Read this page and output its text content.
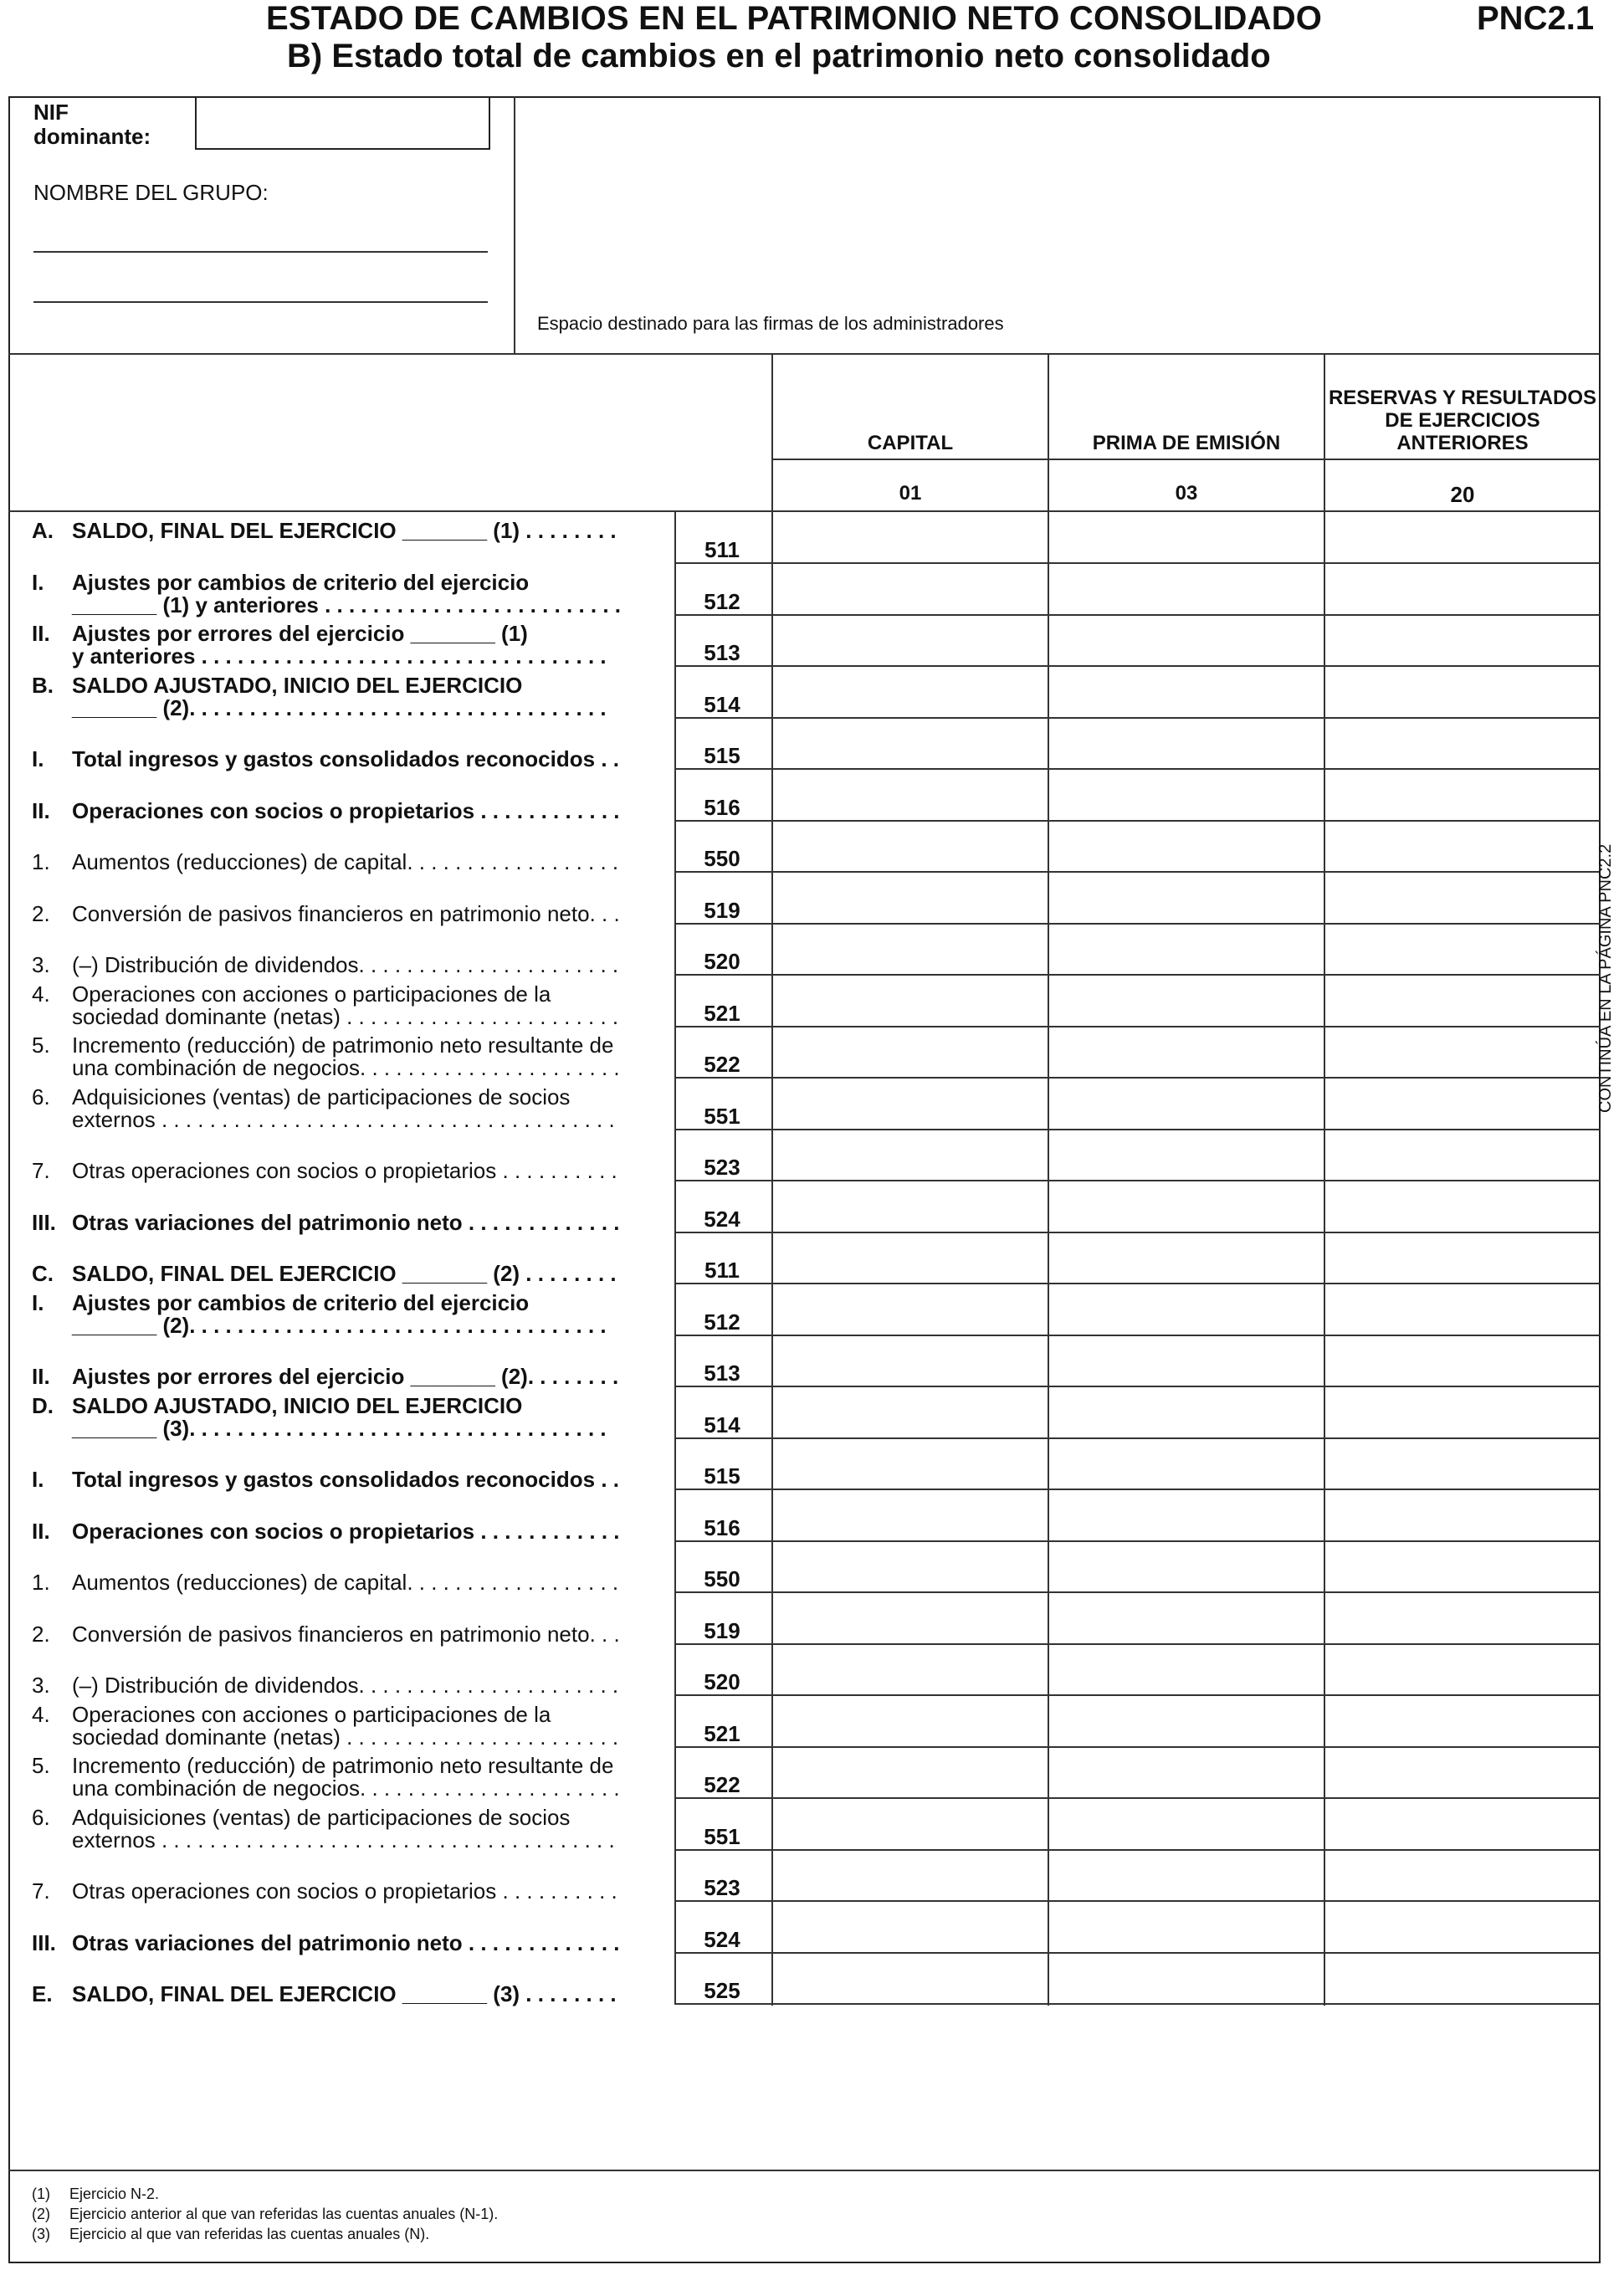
ESTADO DE CAMBIOS EN EL PATRIMONIO NETO CONSOLIDADO
B) Estado total de cambios en el patrimonio neto consolidado
PNC2.1
NIF
dominante:
NOMBRE DEL GRUPO:
Espacio destinado para las firmas de los administradores
CAPITAL
01
PRIMA DE EMISIÓN
03
RESERVAS Y RESULTADOS
DE EJERCICIOS
ANTERIORES
20
A. SALDO, FINAL DEL EJERCICIO _______ (1) . . . . . . . .
511
I. Ajustes por cambios de criterio del ejercicio
_______ (1) y anteriores . . . . . . . . . . . . . . . . . . . . . . . . .	512
II. Ajustes por errores del ejercicio _______ (1)
y anteriores . . . . . . . . . . . . . . . . . . . . . . . . . . . . . . . . . .	513
B. SALDO AJUSTADO, INICIO DEL EJERCICIO
_______ (2). . . . . . . . . . . . . . . . . . . . . . . . . . . . . . . . . . .	514
I. Total ingresos y gastos consolidados reconocidos . .	515
II. Operaciones con socios o propietarios . . . . . . . . . . . .	516
1. Aumentos (reducciones) de capital. . . . . . . . . . . . . . . . . .	550
2. Conversión de pasivos financieros en patrimonio neto. . .	519
3. (–) Distribución de dividendos. . . . . . . . . . . . . . . . . . . . . .	520
4. Operaciones con acciones o participaciones de la
sociedad dominante (netas) . . . . . . . . . . . . . . . . . . . . . . .	521
5. Incremento (reducción) de patrimonio neto resultante de
una combinación de negocios. . . . . . . . . . . . . . . . . . . . . .	522
6. Adquisiciones (ventas) de participaciones de socios
externos . . . . . . . . . . . . . . . . . . . . . . . . . . . . . . . . . . . . . .	551
7. Otras operaciones con socios o propietarios . . . . . . . . . .	523
III. Otras variaciones del patrimonio neto . . . . . . . . . . . . .	524
C. SALDO, FINAL DEL EJERCICIO _______ (2) . . . . . . . .	511
I. Ajustes por cambios de criterio del ejercicio
_______ (2). . . . . . . . . . . . . . . . . . . . . . . . . . . . . . . . . . .	512
II. Ajustes por errores del ejercicio _______ (2). . . . . . . .	513
D. SALDO AJUSTADO, INICIO DEL EJERCICIO
_______ (3). . . . . . . . . . . . . . . . . . . . . . . . . . . . . . . . . . .	514
I. Total ingresos y gastos consolidados reconocidos . .	515
II. Operaciones con socios o propietarios . . . . . . . . . . . .	516
1. Aumentos (reducciones) de capital. . . . . . . . . . . . . . . . . .	550
2. Conversión de pasivos financieros en patrimonio neto. . .	519
3. (–) Distribución de dividendos. . . . . . . . . . . . . . . . . . . . . .	520
4. Operaciones con acciones o participaciones de la
sociedad dominante (netas) . . . . . . . . . . . . . . . . . . . . . . .	521
5. Incremento (reducción) de patrimonio neto resultante de
una combinación de negocios. . . . . . . . . . . . . . . . . . . . . .	522
6. Adquisiciones (ventas) de participaciones de socios
externos . . . . . . . . . . . . . . . . . . . . . . . . . . . . . . . . . . . . . .	551
7. Otras operaciones con socios o propietarios . . . . . . . . . .	523
III. Otras variaciones del patrimonio neto . . . . . . . . . . . . .	524
E. SALDO, FINAL DEL EJERCICIO _______ (3) . . . . . . . .	525
(1) Ejercicio N-2.
(2) Ejercicio anterior al que van referidas las cuentas anuales (N-1).
(3) Ejercicio al que van referidas las cuentas anuales (N).
CONTINÚA EN LA PÁGINA PNC2.2
